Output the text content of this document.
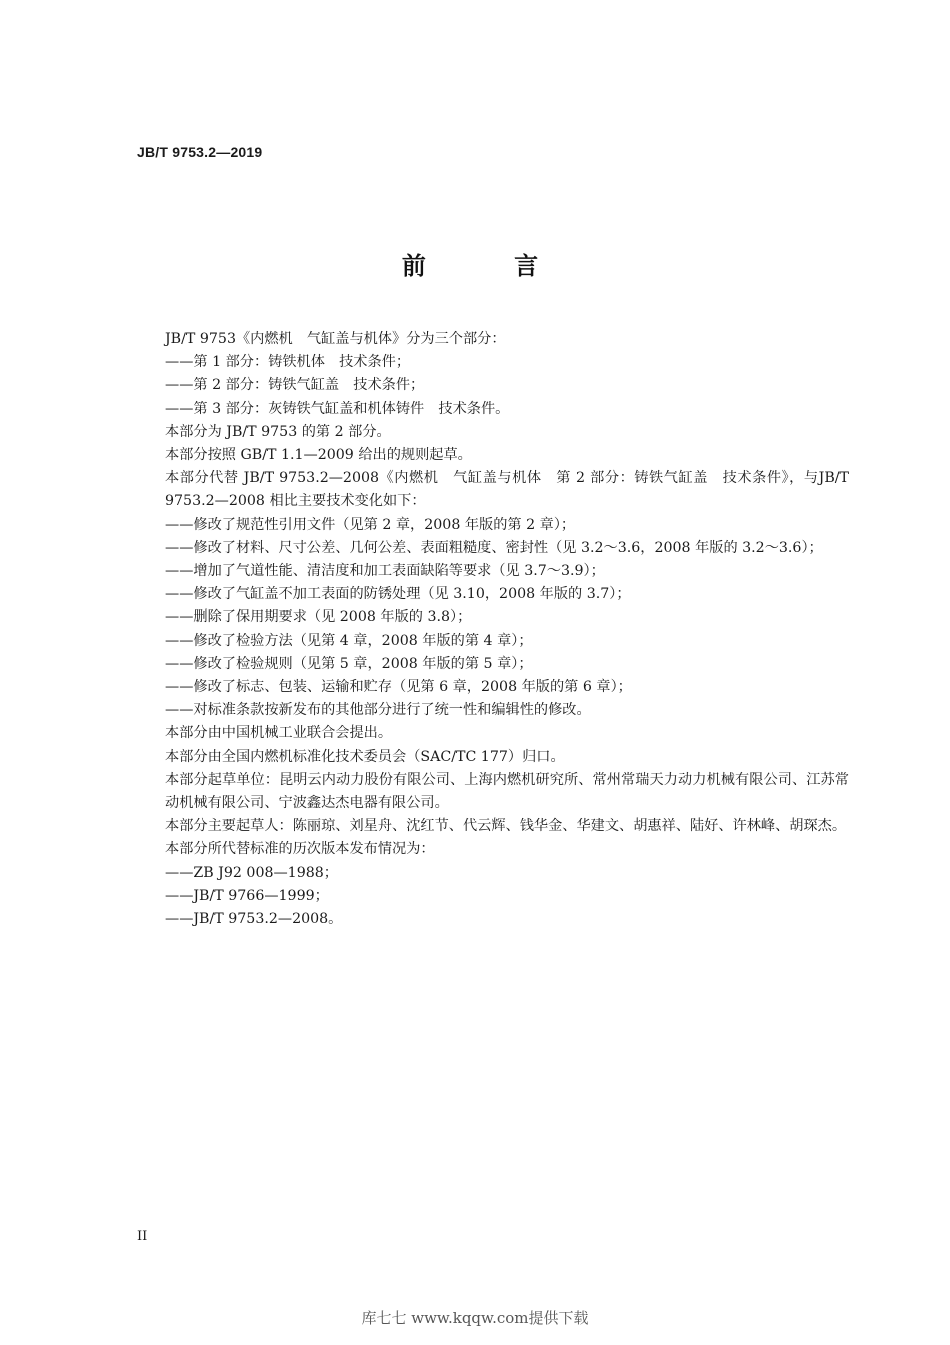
JB/T 9753.2—2019
前 言

JB/T 9753《内燃机　气缸盖与机体》分为三个部分：

——第 1 部分：铸铁机体　技术条件；

——第 2 部分：铸铁气缸盖　技术条件；

——第 3 部分：灰铸铁气缸盖和机体铸件　技术条件。

本部分为 JB/T 9753 的第 2 部分。

本部分按照 GB/T 1.1—2009 给出的规则起草。

本部分代替 JB/T 9753.2—2008《内燃机　气缸盖与机体　第 2 部分：铸铁气缸盖　技术条件》，与JB/T 9753.2—2008 相比主要技术变化如下：

——修改了规范性引用文件（见第 2 章，2008 年版的第 2 章）；

——修改了材料、尺寸公差、几何公差、表面粗糙度、密封性（见 3.2～3.6，2008 年版的 3.2～3.6）；

——增加了气道性能、清洁度和加工表面缺陷等要求（见 3.7～3.9）；

——修改了气缸盖不加工表面的防锈处理（见 3.10，2008 年版的 3.7）；

——删除了保用期要求（见 2008 年版的 3.8）；

——修改了检验方法（见第 4 章，2008 年版的第 4 章）；

——修改了检验规则（见第 5 章，2008 年版的第 5 章）；

——修改了标志、包装、运输和贮存（见第 6 章，2008 年版的第 6 章）；

——对标准条款按新发布的其他部分进行了统一性和编辑性的修改。

本部分由中国机械工业联合会提出。

本部分由全国内燃机标准化技术委员会（SAC/TC 177）归口。

本部分起草单位：昆明云内动力股份有限公司、上海内燃机研究所、常州常瑞天力动力机械有限公司、江苏常动机械有限公司、宁波鑫达杰电器有限公司。

本部分主要起草人：陈丽琼、刘星舟、沈红节、代云辉、钱华金、华建文、胡惠祥、陆好、许林峰、胡琛杰。

本部分所代替标准的历次版本发布情况为：

——ZB J92 008—1988；

——JB/T 9766—1999；

——JB/T 9753.2—2008。

II
库七七 www.kqqw.com提供下载
